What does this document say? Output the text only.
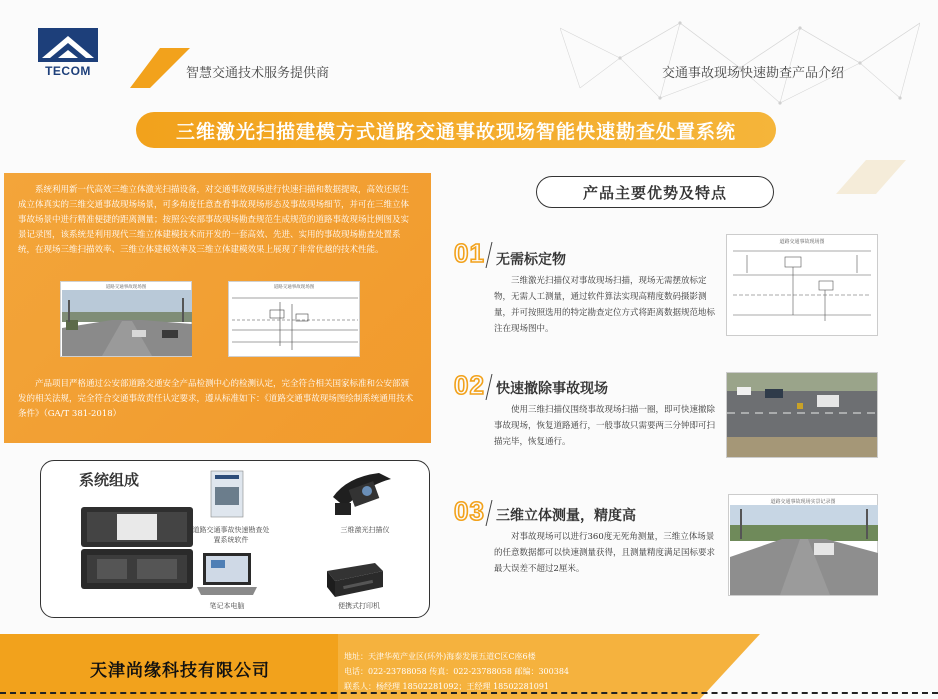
TECOM	智慧交通技术服务提供商	交通事故现场快速勘查产品介绍
三维激光扫描建模方式道路交通事故现场智能快速勘查处置系统
系统利用新一代高效三维立体激光扫描设备，对交通事故现场进行快速扫描和数据提取，高效还原生成立体真实的三维交通事故现场场景，可多角度任意查看事故现场形态及事故现场细节，并可在三维立体事故场景中进行精准便捷的距离测量；按照公安部事故现场勘查规范生成规范的道路事故现场比例图及实景记录图，该系统是利用现代三维立体建模技术而开发的一套高效、先进、实用的事故现场勘查处置系统，在现场三维扫描效率、三维立体建模效率及三维立体建模效果上展现了非常优越的技术性能。
道路交通事故现场图	道路交通事故现场图
产品项目严格通过公安部道路交通安全产品检测中心的检测认定，完全符合相关国家标准和公安部颁发的相关法规，完全符合交通事故责任认定要求，遵从标准如下：《道路交通事故现场图绘制系统通用技术条件》（GA/T 381-2018）
系统组成
道路交通事故快速勘查处
置系统软件
三维激光扫描仪
笔记本电脑	便携式打印机
产品主要优势及特点
01 无需标定物
三维激光扫描仪对事故现场扫描，现场无需摆放标定物，无需人工测量，通过软件算法实现高精度数码摄影测量，并可按照选用的特定勘查定位方式将距离数据规范地标注在现场图中。
道路交通事故现场图
02 快速撤除事故现场
使用三维扫描仪围绕事故现场扫描一圈，即可快速撤除事故现场，恢复道路通行，一般事故只需要两三分钟即可扫描完毕，恢复通行。
03 三维立体测量，精度高
对事故现场可以进行360度无死角测量，三维立体场景的任意数据都可以快速测量获得，且测量精度满足国标要求最大误差不超过2厘米。
道路交通事故现场实景记录图
天津尚缘科技有限公司
地址：天津华苑产业区(环外)海泰发展五道C区C座6楼
电话：022-23788058 传真：022-23788058 邮编：300384
联系人：杨经理 18502281092；王经理 18502281091
